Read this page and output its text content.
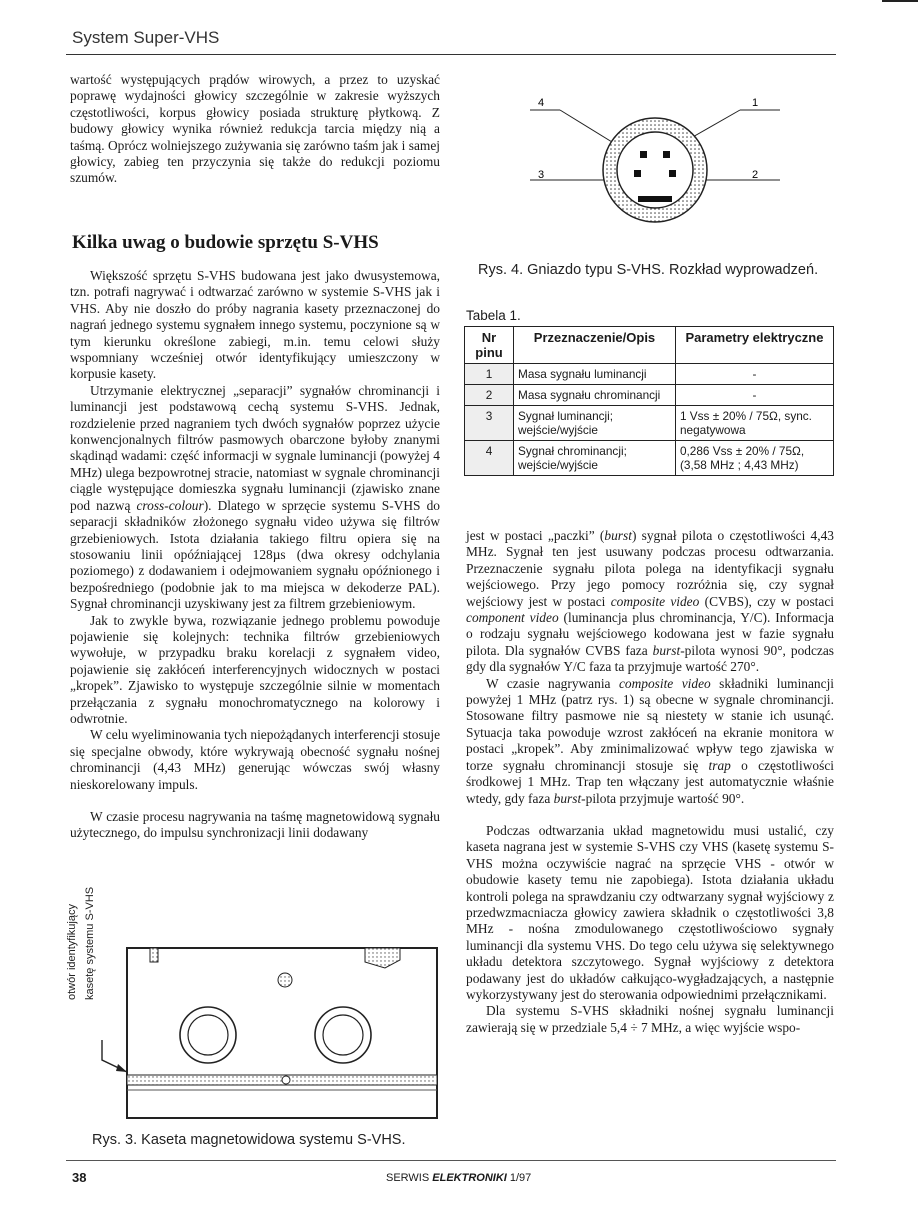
System Super-VHS

wartość występujących prądów wirowych, a przez to uzyskać poprawę wydajności głowicy szczególnie w zakresie wyższych częstotliwości, korpus głowicy posiada strukturę płytkową. Z budowy głowicy wynika również redukcja tarcia między nią a taśmą. Oprócz wolniejszego zużywania się zarówno taśm jak i samej głowicy, zabieg ten przyczynia się także do redukcji poziomu szumów.

Kilka uwag o budowie sprzętu S-VHS

Większość sprzętu S-VHS budowana jest jako dwusystemowa, tzn. potrafi nagrywać i odtwarzać zarówno w systemie S-VHS jak i VHS. Aby nie doszło do próby nagrania kasety przeznaczonej do nagrań jednego systemu sygnałem innego systemu, poczynione są w tym kierunku określone zabiegi, m.in. temu celowi służy wspomniany wcześniej otwór identyfikujący umieszczony w korpusie kasety.

Utrzymanie elektrycznej „separacji” sygnałów chrominancji i luminancji jest podstawową cechą systemu S-VHS. Jednak, rozdzielenie przed nagraniem tych dwóch sygnałów poprzez użycie konwencjonalnych filtrów pasmowych obarczone byłoby znanymi skądinąd wadami: część informacji w sygnale luminancji (powyżej 4 MHz) ulega bezpowrotnej stracie, natomiast w sygnale chrominancji ciągle występujące domieszka sygnału luminancji (zjawisko znane pod nazwą cross-colour). Dlatego w sprzęcie systemu S-VHS do separacji składników złożonego sygnału video używa się filtrów grzebieniowych. Istota działania takiego filtru opiera się na stosowaniu linii opóźniającej 128µs (dwa okresy odchylania poziomego) z dodawaniem i odejmowaniem sygnału opóźnionego i bezpośredniego (podobnie jak to ma miejsca w dekoderze PAL). Sygnał chrominancji uzyskiwany jest za filtrem grzebieniowym.

Jak to zwykle bywa, rozwiązanie jednego problemu powoduje pojawienie się kolejnych: technika filtrów grzebieniowych wywołuje, w przypadku braku korelacji z sygnałem video, pojawienie się zakłóceń interferencyjnych widocznych w postaci „kropek”. Zjawisko to występuje szczególnie silnie w momentach przełączania z sygnału monochromatycznego na kolorowy i odwrotnie.

W celu wyeliminowania tych niepożądanych interferencji stosuje się specjalne obwody, które wykrywają obecność sygnału nośnej chrominancji (4,43 MHz) generując wówczas swój własny nieskorelowany impuls.

W czasie procesu nagrywania na taśmę magnetowidową sygnału użytecznego, do impulsu synchronizacji linii dodawany

otwór identyfikujący kasetę systemu S-VHS
Rys. 3. Kaseta magnetowidowa systemu S-VHS.
4	1
3	2
Rys. 4. Gniazdo typu S-VHS. Rozkład wyprowadzeń.
Tabela 1.
Nr pinu	Przeznaczenie/Opis	Parametry elektryczne
1	Masa sygnału luminancji	-
2	Masa sygnału chrominancji	-
3	Sygnał luminancji; wejście/wyjście	1 Vss ± 20% / 75Ω, sync. negatywowa
4	Sygnał chrominancji; wejście/wyjście	0,286 Vss ± 20% / 75Ω, (3,58 MHz ; 4,43 MHz)

jest w postaci „paczki” (burst) sygnał pilota o częstotliwości 4,43 MHz. Sygnał ten jest usuwany podczas procesu odtwarzania. Przeznaczenie sygnału pilota polega na identyfikacji sygnału wejściowego. Przy jego pomocy rozróżnia się, czy sygnał wejściowy jest w postaci composite video (CVBS), czy w postaci component video (luminancja plus chrominancja, Y/C). Informacja o rodzaju sygnału wejściowego kodowana jest w fazie sygnału pilota. Dla sygnałów CVBS faza burst-pilota wynosi 90°, podczas gdy dla sygnałów Y/C faza ta przyjmuje wartość 270°.

W czasie nagrywania composite video składniki luminancji powyżej 1 MHz (patrz rys. 1) są obecne w sygnale chrominancji. Stosowane filtry pasmowe nie są niestety w stanie ich usunąć. Sytuacja taka powoduje wzrost zakłóceń na ekranie monitora w postaci „kropek”. Aby zminimalizować wpływ tego zjawiska w torze sygnału chrominancji stosuje się trap o częstotliwości środkowej 1 MHz. Trap ten włączany jest automatycznie właśnie wtedy, gdy faza burst-pilota przyjmuje wartość 90°.

Podczas odtwarzania układ magnetowidu musi ustalić, czy kaseta nagrana jest w systemie S-VHS czy VHS (kasetę systemu S-VHS można oczywiście nagrać na sprzęcie VHS - otwór w obudowie kasety temu nie zapobiega). Istota działania układu kontroli polega na sprawdzaniu czy odtwarzany sygnał wyjściowy z przedwzmacniacza głowicy zawiera składnik o częstotliwości 3,8 MHz - nośna zmodulowanego częstotliwościowo sygnały luminancji dla systemu VHS. Do tego celu używa się selektywnego układu detektora szczytowego. Sygnał wyjściowy z detektora podawany jest do układów całkująco-wygładzających, a następnie wykorzystywany jest do sterowania odpowiednimi przełącznikami.

Dla systemu S-VHS składniki nośnej sygnału luminancji zawierają się w przedziale 5,4 ÷ 7 MHz, a więc wyjście wspo-

38	SERWIS ELEKTRONIKI 1/97
